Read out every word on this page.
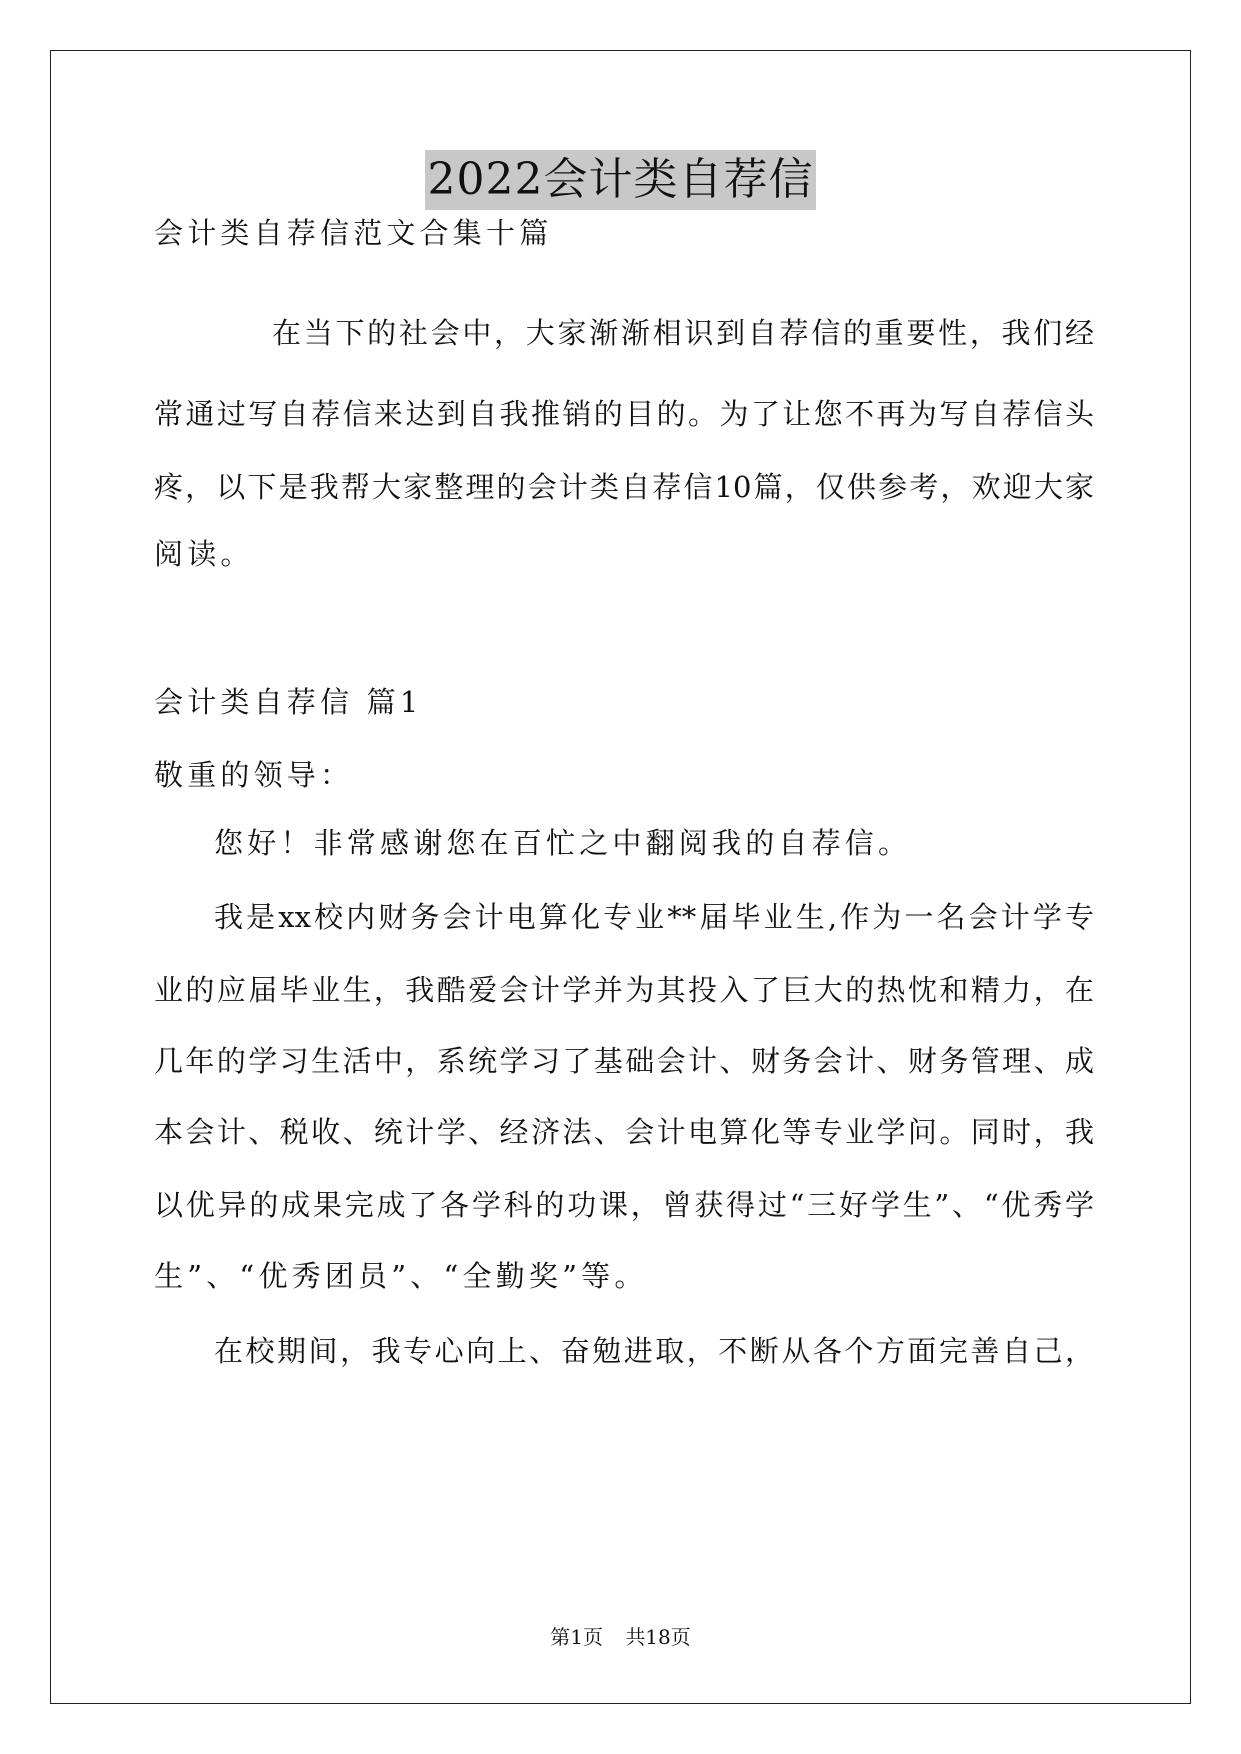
2022会计类自荐信
会计类自荐信范文合集十篇
在当下的社会中，大家渐渐相识到自荐信的重要性，我们经
常通过写自荐信来达到自我推销的目的。为了让您不再为写自荐信头
疼，以下是我帮大家整理的会计类自荐信10篇，仅供参考，欢迎大家
阅读。
会计类自荐信 篇1
敬重的领导：
您好！非常感谢您在百忙之中翻阅我的自荐信。
我是xx校内财务会计电算化专业**届毕业生,作为一名会计学专
业的应届毕业生，我酷爱会计学并为其投入了巨大的热忱和精力，在
几年的学习生活中，系统学习了基础会计、财务会计、财务管理、成
本会计、税收、统计学、经济法、会计电算化等专业学问。同时，我
以优异的成果完成了各学科的功课，曾获得过“三好学生”、“优秀学
生”、“优秀团员”、“全勤奖”等。
在校期间，我专心向上、奋勉进取，不断从各个方面完善自己，
第1页 共18页
